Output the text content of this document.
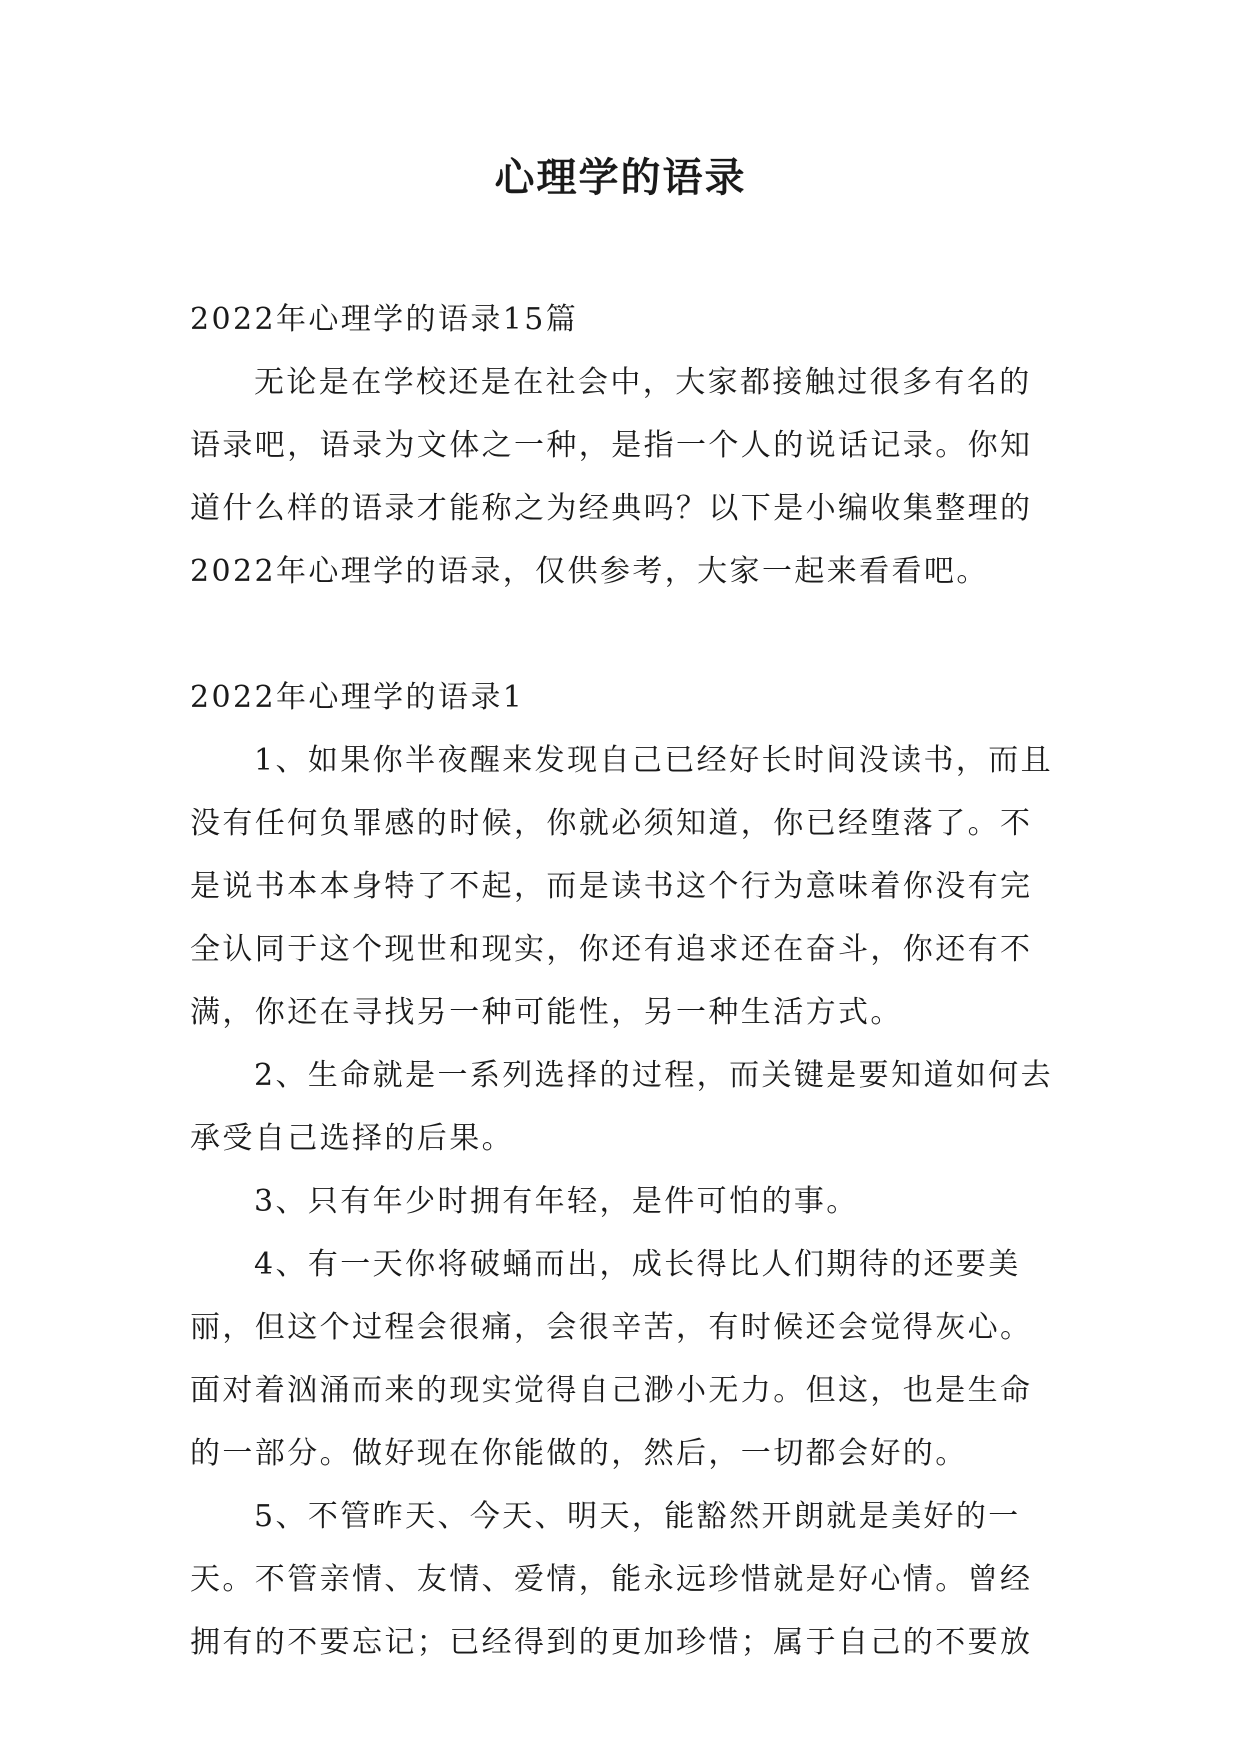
心理学的语录

2022年心理学的语录15篇

无论是在学校还是在社会中，大家都接触过很多有名的语录吧，语录为文体之一种，是指一个人的说话记录。你知道什么样的语录才能称之为经典吗？以下是小编收集整理的2022年心理学的语录，仅供参考，大家一起来看看吧。

2022年心理学的语录1

1、如果你半夜醒来发现自己已经好长时间没读书，而且没有任何负罪感的时候，你就必须知道，你已经堕落了。不是说书本本身特了不起，而是读书这个行为意味着你没有完全认同于这个现世和现实，你还有追求还在奋斗，你还有不满，你还在寻找另一种可能性，另一种生活方式。

2、生命就是一系列选择的过程，而关键是要知道如何去承受自己选择的后果。

3、只有年少时拥有年轻，是件可怕的事。

4、有一天你将破蛹而出，成长得比人们期待的还要美丽，但这个过程会很痛，会很辛苦，有时候还会觉得灰心。面对着汹涌而来的现实觉得自己渺小无力。但这，也是生命的一部分。做好现在你能做的，然后，一切都会好的。

5、不管昨天、今天、明天，能豁然开朗就是美好的一天。不管亲情、友情、爱情，能永远珍惜就是好心情。曾经拥有的不要忘记；已经得到的更加珍惜；属于自己的不要放
